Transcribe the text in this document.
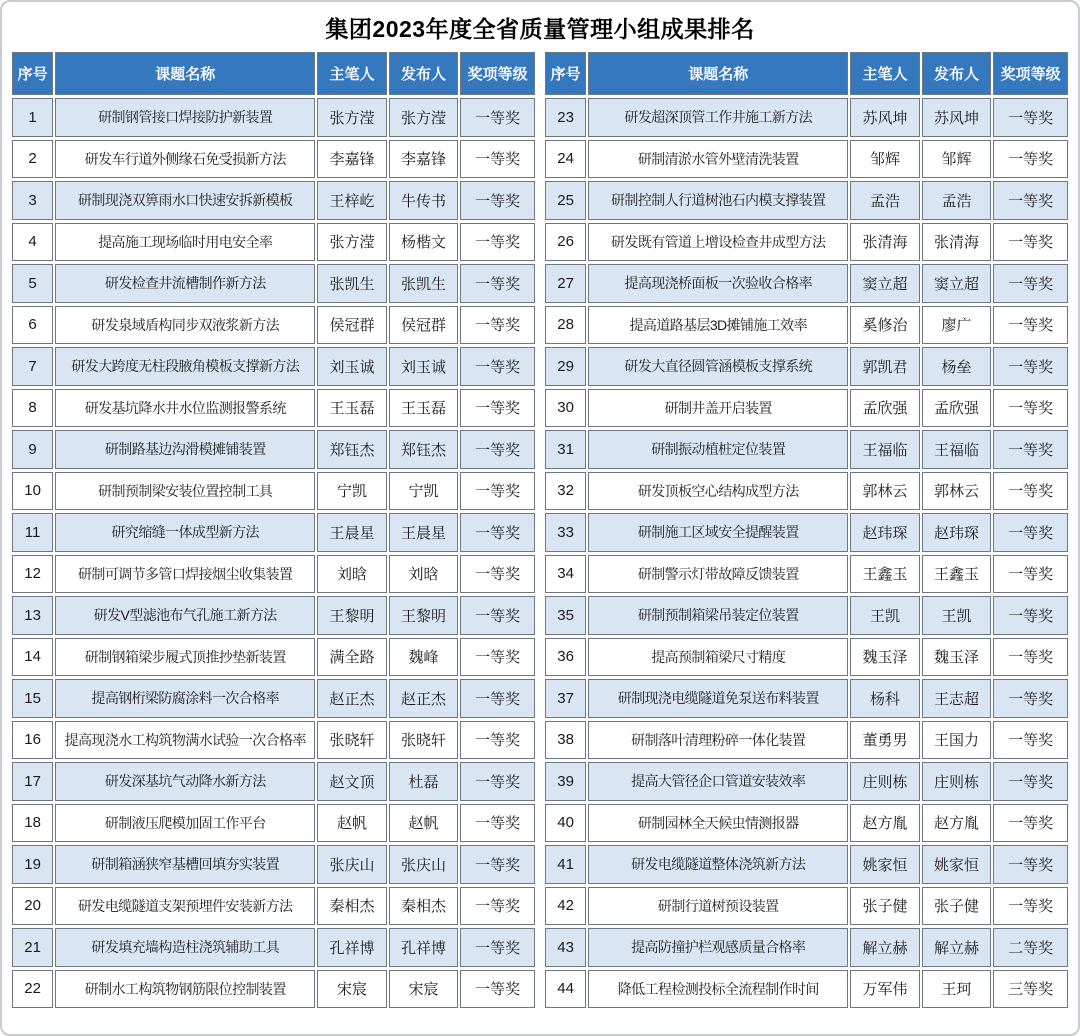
集团2023年度全省质量管理小组成果排名
序号	课题名称	主笔人	发布人	奖项等级
1	研制钢管接口焊接防护新装置	张方滢	张方滢	一等奖
2	研发车行道外侧缘石免受损新方法	李嘉锋	李嘉锋	一等奖
3	研制现浇双箅雨水口快速安拆新模板	王梓屹	牛传书	一等奖
4	提高施工现场临时用电安全率	张方滢	杨楷文	一等奖
5	研发检查井流槽制作新方法	张凯生	张凯生	一等奖
6	研发泉域盾构同步双液浆新方法	侯冠群	侯冠群	一等奖
7	研发大跨度无柱段腋角模板支撑新方法	刘玉诚	刘玉诚	一等奖
8	研发基坑降水井水位监测报警系统	王玉磊	王玉磊	一等奖
9	研制路基边沟滑模摊铺装置	郑钰杰	郑钰杰	一等奖
10	研制预制梁安装位置控制工具	宁凯	宁凯	一等奖
11	研究缩缝一体成型新方法	王晨星	王晨星	一等奖
12	研制可调节多管口焊接烟尘收集装置	刘晗	刘晗	一等奖
13	研发V型滤池布气孔施工新方法	王黎明	王黎明	一等奖
14	研制钢箱梁步履式顶推抄垫新装置	满全路	魏峰	一等奖
15	提高钢桁梁防腐涂料一次合格率	赵正杰	赵正杰	一等奖
16	提高现浇水工构筑物满水试验一次合格率	张晓轩	张晓轩	一等奖
17	研发深基坑气动降水新方法	赵文顶	杜磊	一等奖
18	研制液压爬模加固工作平台	赵帆	赵帆	一等奖
19	研制箱涵狭窄基槽回填夯实装置	张庆山	张庆山	一等奖
20	研发电缆隧道支架预埋件安装新方法	秦相杰	秦相杰	一等奖
21	研发填充墙构造柱浇筑辅助工具	孔祥博	孔祥博	一等奖
22	研制水工构筑物钢筋限位控制装置	宋宸	宋宸	一等奖
序号	课题名称	主笔人	发布人	奖项等级
23	研发超深顶管工作井施工新方法	苏风坤	苏风坤	一等奖
24	研制清淤水管外壁清洗装置	邹辉	邹辉	一等奖
25	研制控制人行道树池石内模支撑装置	孟浩	孟浩	一等奖
26	研发既有管道上增设检查井成型方法	张清海	张清海	一等奖
27	提高现浇桥面板一次验收合格率	窦立超	窦立超	一等奖
28	提高道路基层3D摊铺施工效率	奚修治	廖广	一等奖
29	研发大直径圆管涵模板支撑系统	郭凯君	杨垒	一等奖
30	研制井盖开启装置	孟欣强	孟欣强	一等奖
31	研制振动植桩定位装置	王福临	王福临	一等奖
32	研发顶板空心结构成型方法	郭林云	郭林云	一等奖
33	研制施工区域安全提醒装置	赵玮琛	赵玮琛	一等奖
34	研制警示灯带故障反馈装置	王鑫玉	王鑫玉	一等奖
35	研制预制箱梁吊装定位装置	王凯	王凯	一等奖
36	提高预制箱梁尺寸精度	魏玉泽	魏玉泽	一等奖
37	研制现浇电缆隧道免泵送布料装置	杨科	王志超	一等奖
38	研制落叶清理粉碎一体化装置	董勇男	王国力	一等奖
39	提高大管径企口管道安装效率	庄则栋	庄则栋	一等奖
40	研制园林全天候虫情测报器	赵方胤	赵方胤	一等奖
41	研发电缆隧道整体浇筑新方法	姚家恒	姚家恒	一等奖
42	研制行道树预设装置	张子健	张子健	一等奖
43	提高防撞护栏观感质量合格率	解立赫	解立赫	二等奖
44	降低工程检测投标全流程制作时间	万军伟	王珂	三等奖
